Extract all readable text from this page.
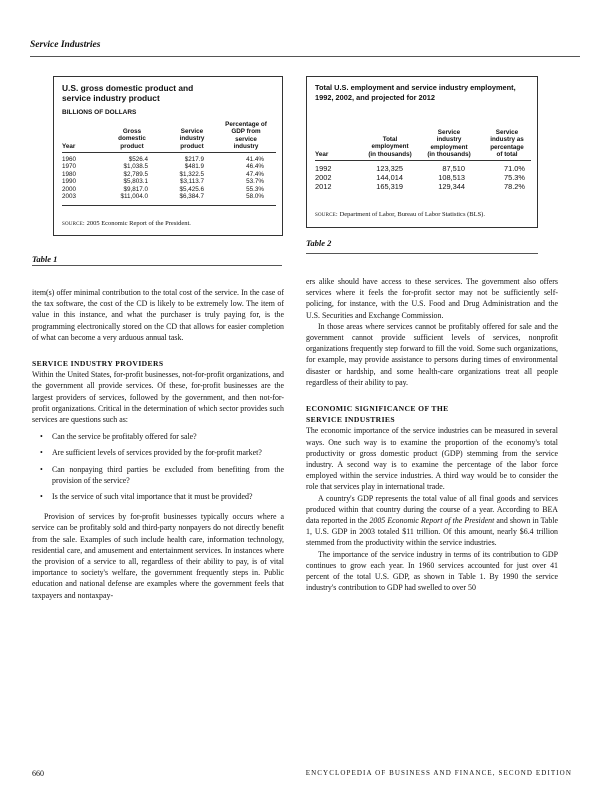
Service Industries
U.S. gross domestic product and
service industry product
BILLIONS OF DOLLARS
Percentage of
GDP from
service
industry
Service
industry
product
Gross
domestic
product
Year
1960	$526.4	$217.9	41.4%
1970	$1,038.5	$481.9	46.4%
1980	$2,789.5	$1,322.5	47.4%
1990	$5,803.1	$3,113.7	53.7%
2000	$9,817.0	$5,425.6	55.3%
2003	$11,004.0	$6,384.7	58.0%
source: 2005 Economic Report of the President.
Table 1
Total U.S. employment and service industry employment,
1992, 2002, and projected for 2012
Service
industry
employment
(in thousands)
Service
industry as
percentage
of total
Total
employment
(in thousands)
Year
1992	123,325	87,510	71.0%
2002	144,014	108,513	75.3%
2012	165,319	129,344	78.2%
source: Department of Labor, Bureau of Labor Statistics (BLS).
Table 2

item(s) offer minimal contribution to the total cost of the service. In the case of the tax software, the cost of the CD is likely to be extremely low. The item of value in this instance, and what the purchaser is truly paying for, is the programming electronically stored on the CD that allows for easier completion of what can become a very arduous annual task.

SERVICE INDUSTRY PROVIDERS

Within the United States, for-profit businesses, not-for-profit organizations, and the government all provide services. Of these, for-profit businesses are the largest providers of services, followed by the government, and then not-for-profit organizations. Critical in the determination of which sector provides such services are questions such as:

• Can the service be profitably offered for sale?
• Are sufficient levels of services provided by the for-profit market?
• Can nonpaying third parties be excluded from benefiting from the provision of the service?
• Is the service of such vital importance that it must be provided?

Provision of services by for-profit businesses typically occurs where a service can be profitably sold and third-party nonpayers do not directly benefit from the sale. Examples of such include health care, information technology, residential care, and amusement and entertainment services. In instances where the provision of a service to all, regardless of their ability to pay, is of vital importance to society's welfare, the government frequently steps in. Public education and national defense are examples where the government feels that taxpayers and nontaxpay-

ers alike should have access to these services. The government also offers services where it feels the for-profit sector may not be sufficiently self-policing, for instance, with the U.S. Food and Drug Administration and the U.S. Securities and Exchange Commission.

In those areas where services cannot be profitably offered for sale and the government cannot provide sufficient levels of services, nonprofit organizations frequently step forward to fill the void. Some such organizations, for example, may provide assistance to persons during times of environmental disaster or hardship, and some health-care organizations treat all people regardless of their ability to pay.

ECONOMIC SIGNIFICANCE OF THE
SERVICE INDUSTRIES

The economic importance of the service industries can be measured in several ways. One such way is to examine the proportion of the economy's total productivity or gross domestic product (GDP) stemming from the service industry. A second way is to examine the percentage of the labor force employed within the service industries. A third way would be to consider the role that services play in international trade.

A country's GDP represents the total value of all final goods and services produced within that country during the course of a year. According to BEA data reported in the 2005 Economic Report of the President and shown in Table 1, U.S. GDP in 2003 totaled $11 trillion. Of this amount, nearly $6.4 trillion stemmed from the productivity within the service industries.

The importance of the service industry in terms of its contribution to GDP continues to grow each year. In 1960 services accounted for just over 41 percent of the total U.S. GDP, as shown in Table 1. By 1990 the service industry's contribution to GDP had swelled to over 50

660	ENCYCLOPEDIA OF BUSINESS AND FINANCE, SECOND EDITION
